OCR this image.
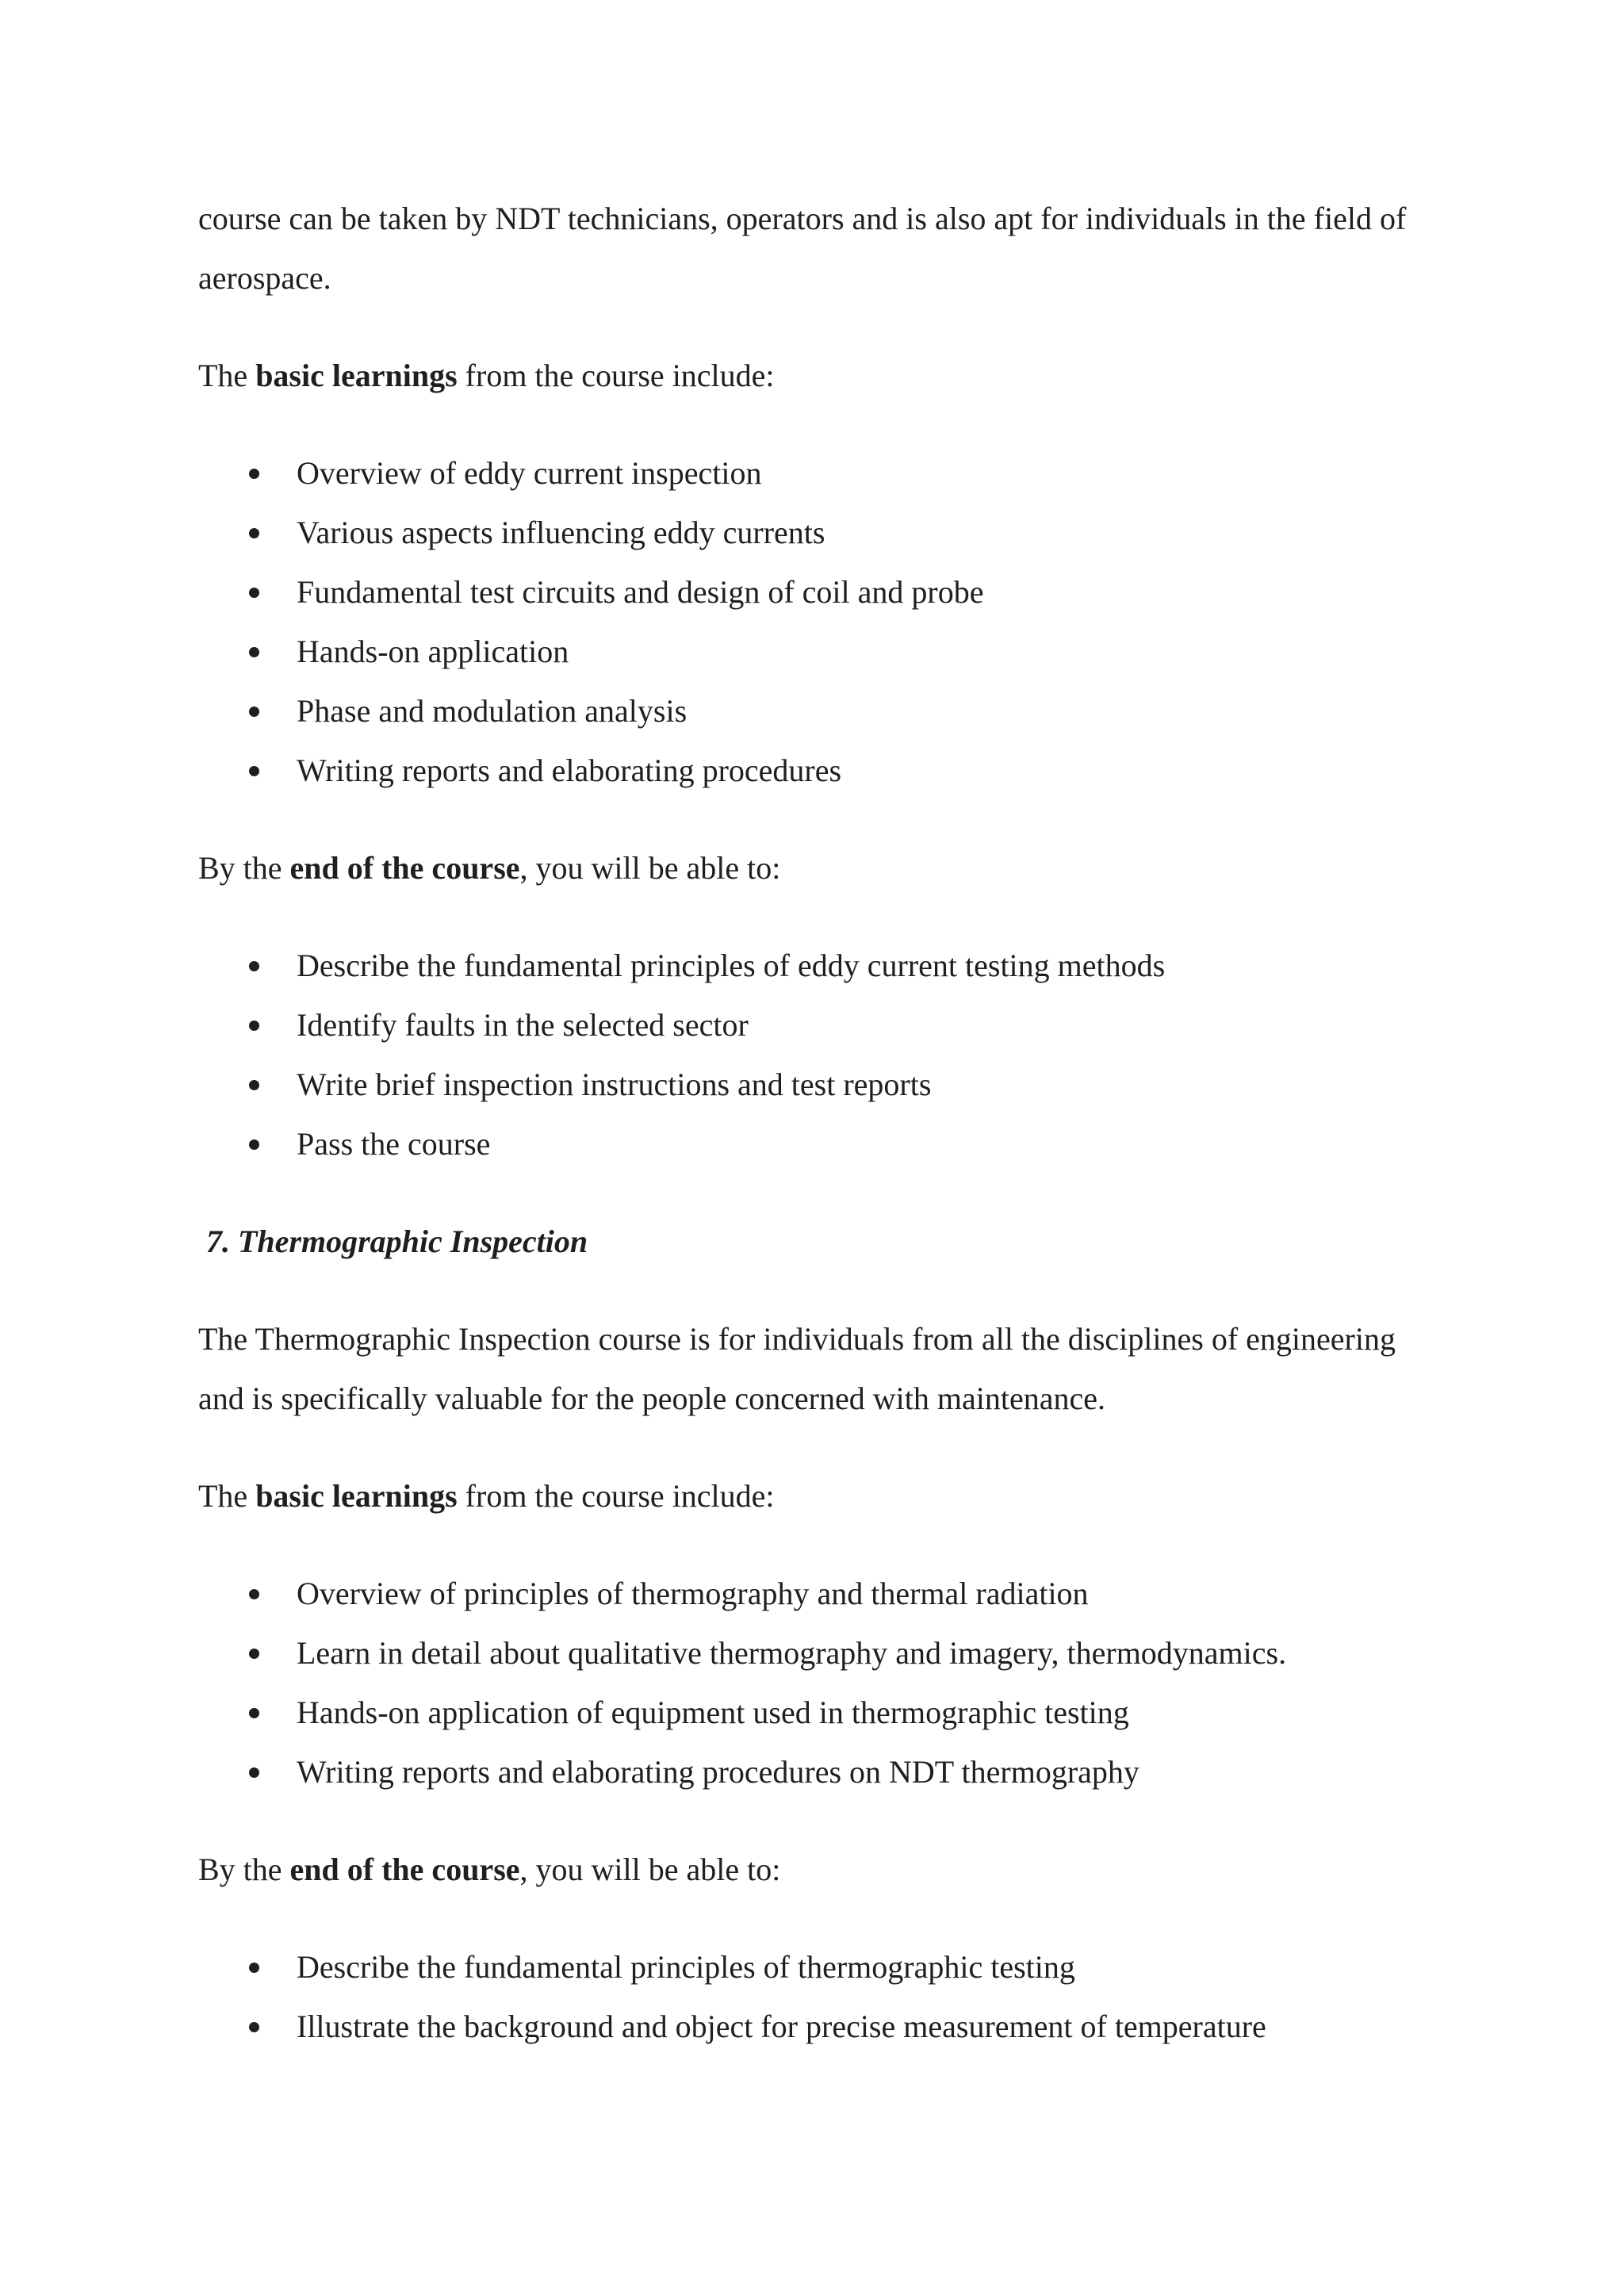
course can be taken by NDT technicians, operators and is also apt for individuals in the field of aerospace.

The basic learnings from the course include:

Overview of eddy current inspection
Various aspects influencing eddy currents
Fundamental test circuits and design of coil and probe
Hands-on application
Phase and modulation analysis
Writing reports and elaborating procedures

By the end of the course, you will be able to:

Describe the fundamental principles of eddy current testing methods
Identify faults in the selected sector
Write brief inspection instructions and test reports
Pass the course

7. Thermographic Inspection

The Thermographic Inspection course is for individuals from all the disciplines of engineering and is specifically valuable for the people concerned with maintenance.

The basic learnings from the course include:

Overview of principles of thermography and thermal radiation
Learn in detail about qualitative thermography and imagery, thermodynamics.
Hands-on application of equipment used in thermographic testing
Writing reports and elaborating procedures on NDT thermography

By the end of the course, you will be able to:

Describe the fundamental principles of thermographic testing
Illustrate the background and object for precise measurement of temperature
